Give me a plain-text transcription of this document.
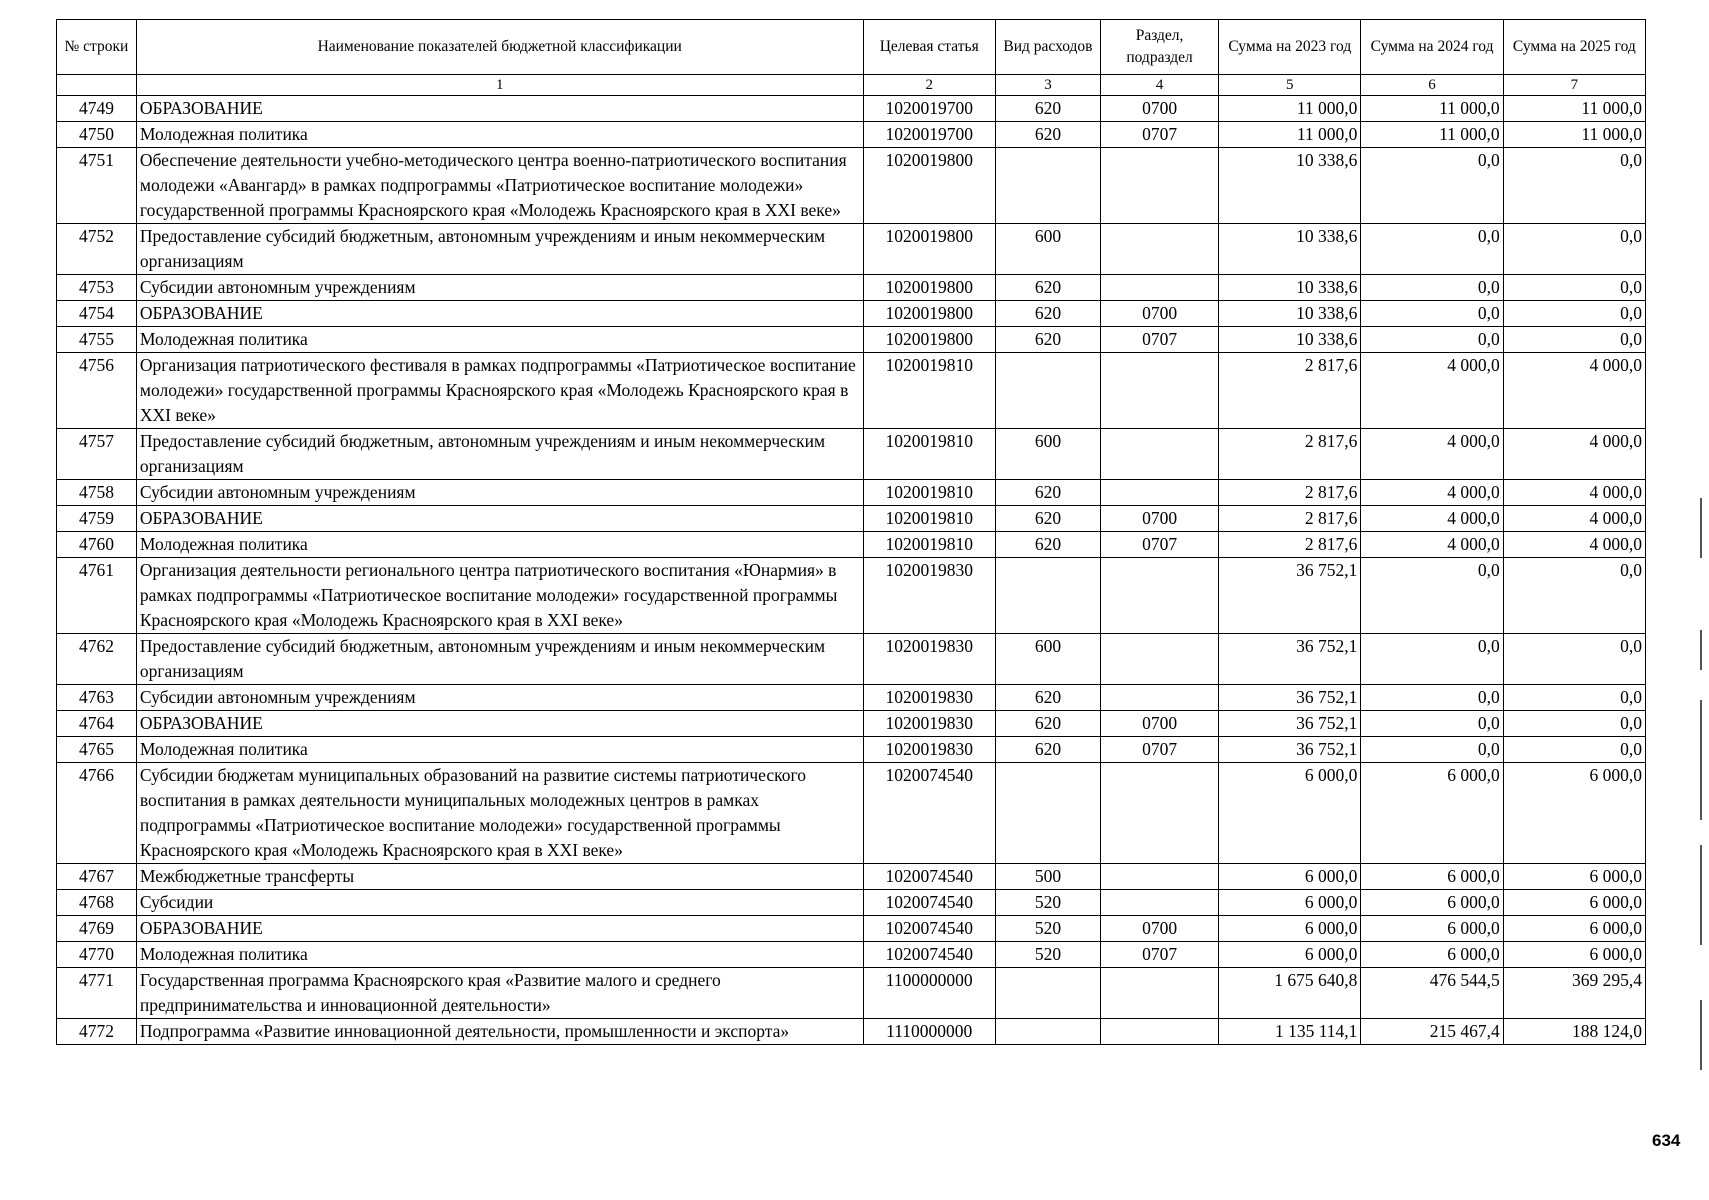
№ строки	Наименование показателей бюджетной классификации	Целевая статья	Вид расходов	Раздел, подраздел	Сумма на 2023 год	Сумма на 2024 год	Сумма на 2025 год
	1	2	3	4	5	6	7
4749	ОБРАЗОВАНИЕ	1020019700	620	0700	11 000,0	11 000,0	11 000,0
4750	Молодежная политика	1020019700	620	0707	11 000,0	11 000,0	11 000,0
4751	Обеспечение деятельности учебно-методического центра военно-патриотического воспитания молодежи «Авангард» в рамках подпрограммы «Патриотическое воспитание молодежи» государственной программы Красноярского края «Молодежь Красноярского края в XXI веке»	1020019800			10 338,6	0,0	0,0
4752	Предоставление субсидий бюджетным, автономным учреждениям и иным некоммерческим организациям	1020019800	600		10 338,6	0,0	0,0
4753	Субсидии автономным учреждениям	1020019800	620		10 338,6	0,0	0,0
4754	ОБРАЗОВАНИЕ	1020019800	620	0700	10 338,6	0,0	0,0
4755	Молодежная политика	1020019800	620	0707	10 338,6	0,0	0,0
4756	Организация патриотического фестиваля в рамках подпрограммы «Патриотическое воспитание молодежи» государственной программы Красноярского края «Молодежь Красноярского края в XXI веке»	1020019810			2 817,6	4 000,0	4 000,0
4757	Предоставление субсидий бюджетным, автономным учреждениям и иным некоммерческим организациям	1020019810	600		2 817,6	4 000,0	4 000,0
4758	Субсидии автономным учреждениям	1020019810	620		2 817,6	4 000,0	4 000,0
4759	ОБРАЗОВАНИЕ	1020019810	620	0700	2 817,6	4 000,0	4 000,0
4760	Молодежная политика	1020019810	620	0707	2 817,6	4 000,0	4 000,0
4761	Организация деятельности регионального центра патриотического воспитания «Юнармия» в рамках подпрограммы «Патриотическое воспитание молодежи» государственной программы Красноярского края «Молодежь Красноярского края в XXI веке»	1020019830			36 752,1	0,0	0,0
4762	Предоставление субсидий бюджетным, автономным учреждениям и иным некоммерческим организациям	1020019830	600		36 752,1	0,0	0,0
4763	Субсидии автономным учреждениям	1020019830	620		36 752,1	0,0	0,0
4764	ОБРАЗОВАНИЕ	1020019830	620	0700	36 752,1	0,0	0,0
4765	Молодежная политика	1020019830	620	0707	36 752,1	0,0	0,0
4766	Субсидии бюджетам муниципальных образований на развитие системы патриотического воспитания в рамках деятельности муниципальных молодежных центров в рамках подпрограммы «Патриотическое воспитание молодежи» государственной программы Красноярского края «Молодежь Красноярского края в XXI веке»	1020074540			6 000,0	6 000,0	6 000,0
4767	Межбюджетные трансферты	1020074540	500		6 000,0	6 000,0	6 000,0
4768	Субсидии	1020074540	520		6 000,0	6 000,0	6 000,0
4769	ОБРАЗОВАНИЕ	1020074540	520	0700	6 000,0	6 000,0	6 000,0
4770	Молодежная политика	1020074540	520	0707	6 000,0	6 000,0	6 000,0
4771	Государственная программа Красноярского края «Развитие малого и среднего предпринимательства и инновационной деятельности»	1100000000			1 675 640,8	476 544,5	369 295,4
4772	Подпрограмма «Развитие инновационной деятельности, промышленности и экспорта»	1110000000			1 135 114,1	215 467,4	188 124,0
634
